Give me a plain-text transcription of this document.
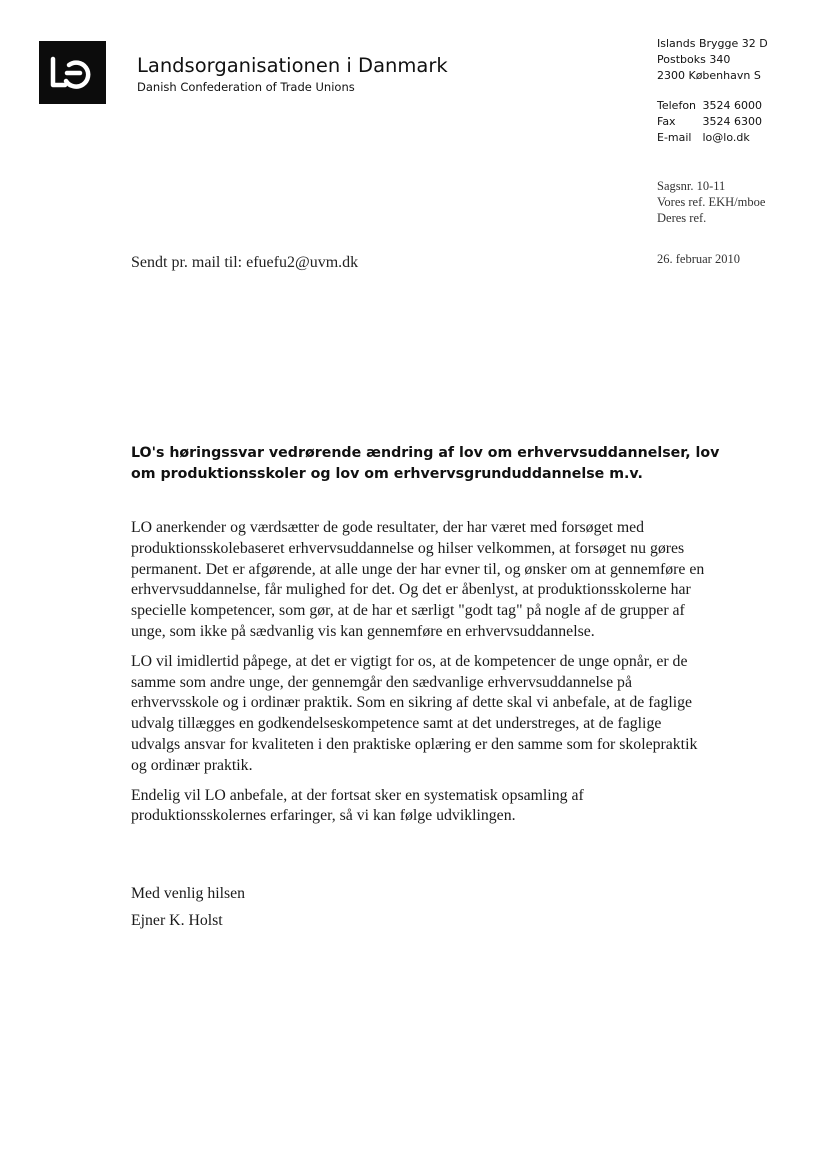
Landsorganisationen i Danmark
Danish Confederation of Trade Unions
Islands Brygge 32 D
Postboks 340
2300 København S
Telefon 3524 6000
Fax 3524 6300
E-mail lo@lo.dk
Sagsnr. 10-11
Vores ref. EKH/mboe
Deres ref.
Sendt pr. mail til: efuefu2@uvm.dk	26. februar 2010
LO's høringssvar vedrørende ændring af lov om erhvervsuddannelser, lov om produktionsskoler og lov om erhvervsgrunduddannelse m.v.

LO anerkender og værdsætter de gode resultater, der har været med forsøget med produktionsskolebaseret erhvervsuddannelse og hilser velkommen, at forsøget nu gøres permanent. Det er afgørende, at alle unge der har evner til, og ønsker om at gennemføre en erhvervsuddannelse, får mulighed for det. Og det er åbenlyst, at produktionsskolerne har specielle kompetencer, som gør, at de har et særligt "godt tag" på nogle af de grupper af unge, som ikke på sædvanlig vis kan gennemføre en erhvervsuddannelse.

LO vil imidlertid påpege, at det er vigtigt for os, at de kompetencer de unge opnår, er de samme som andre unge, der gennemgår den sædvanlige erhvervsuddannelse på erhvervsskole og i ordinær praktik. Som en sikring af dette skal vi anbefale, at de faglige udvalg tillægges en godkendelseskompetence samt at det understreges, at de faglige udvalgs ansvar for kvaliteten i den praktiske oplæring er den samme som for skolepraktik og ordinær praktik.

Endelig vil LO anbefale, at der fortsat sker en systematisk opsamling af produktionsskolernes erfaringer, så vi kan følge udviklingen.

Med venlig hilsen
Ejner K. Holst
